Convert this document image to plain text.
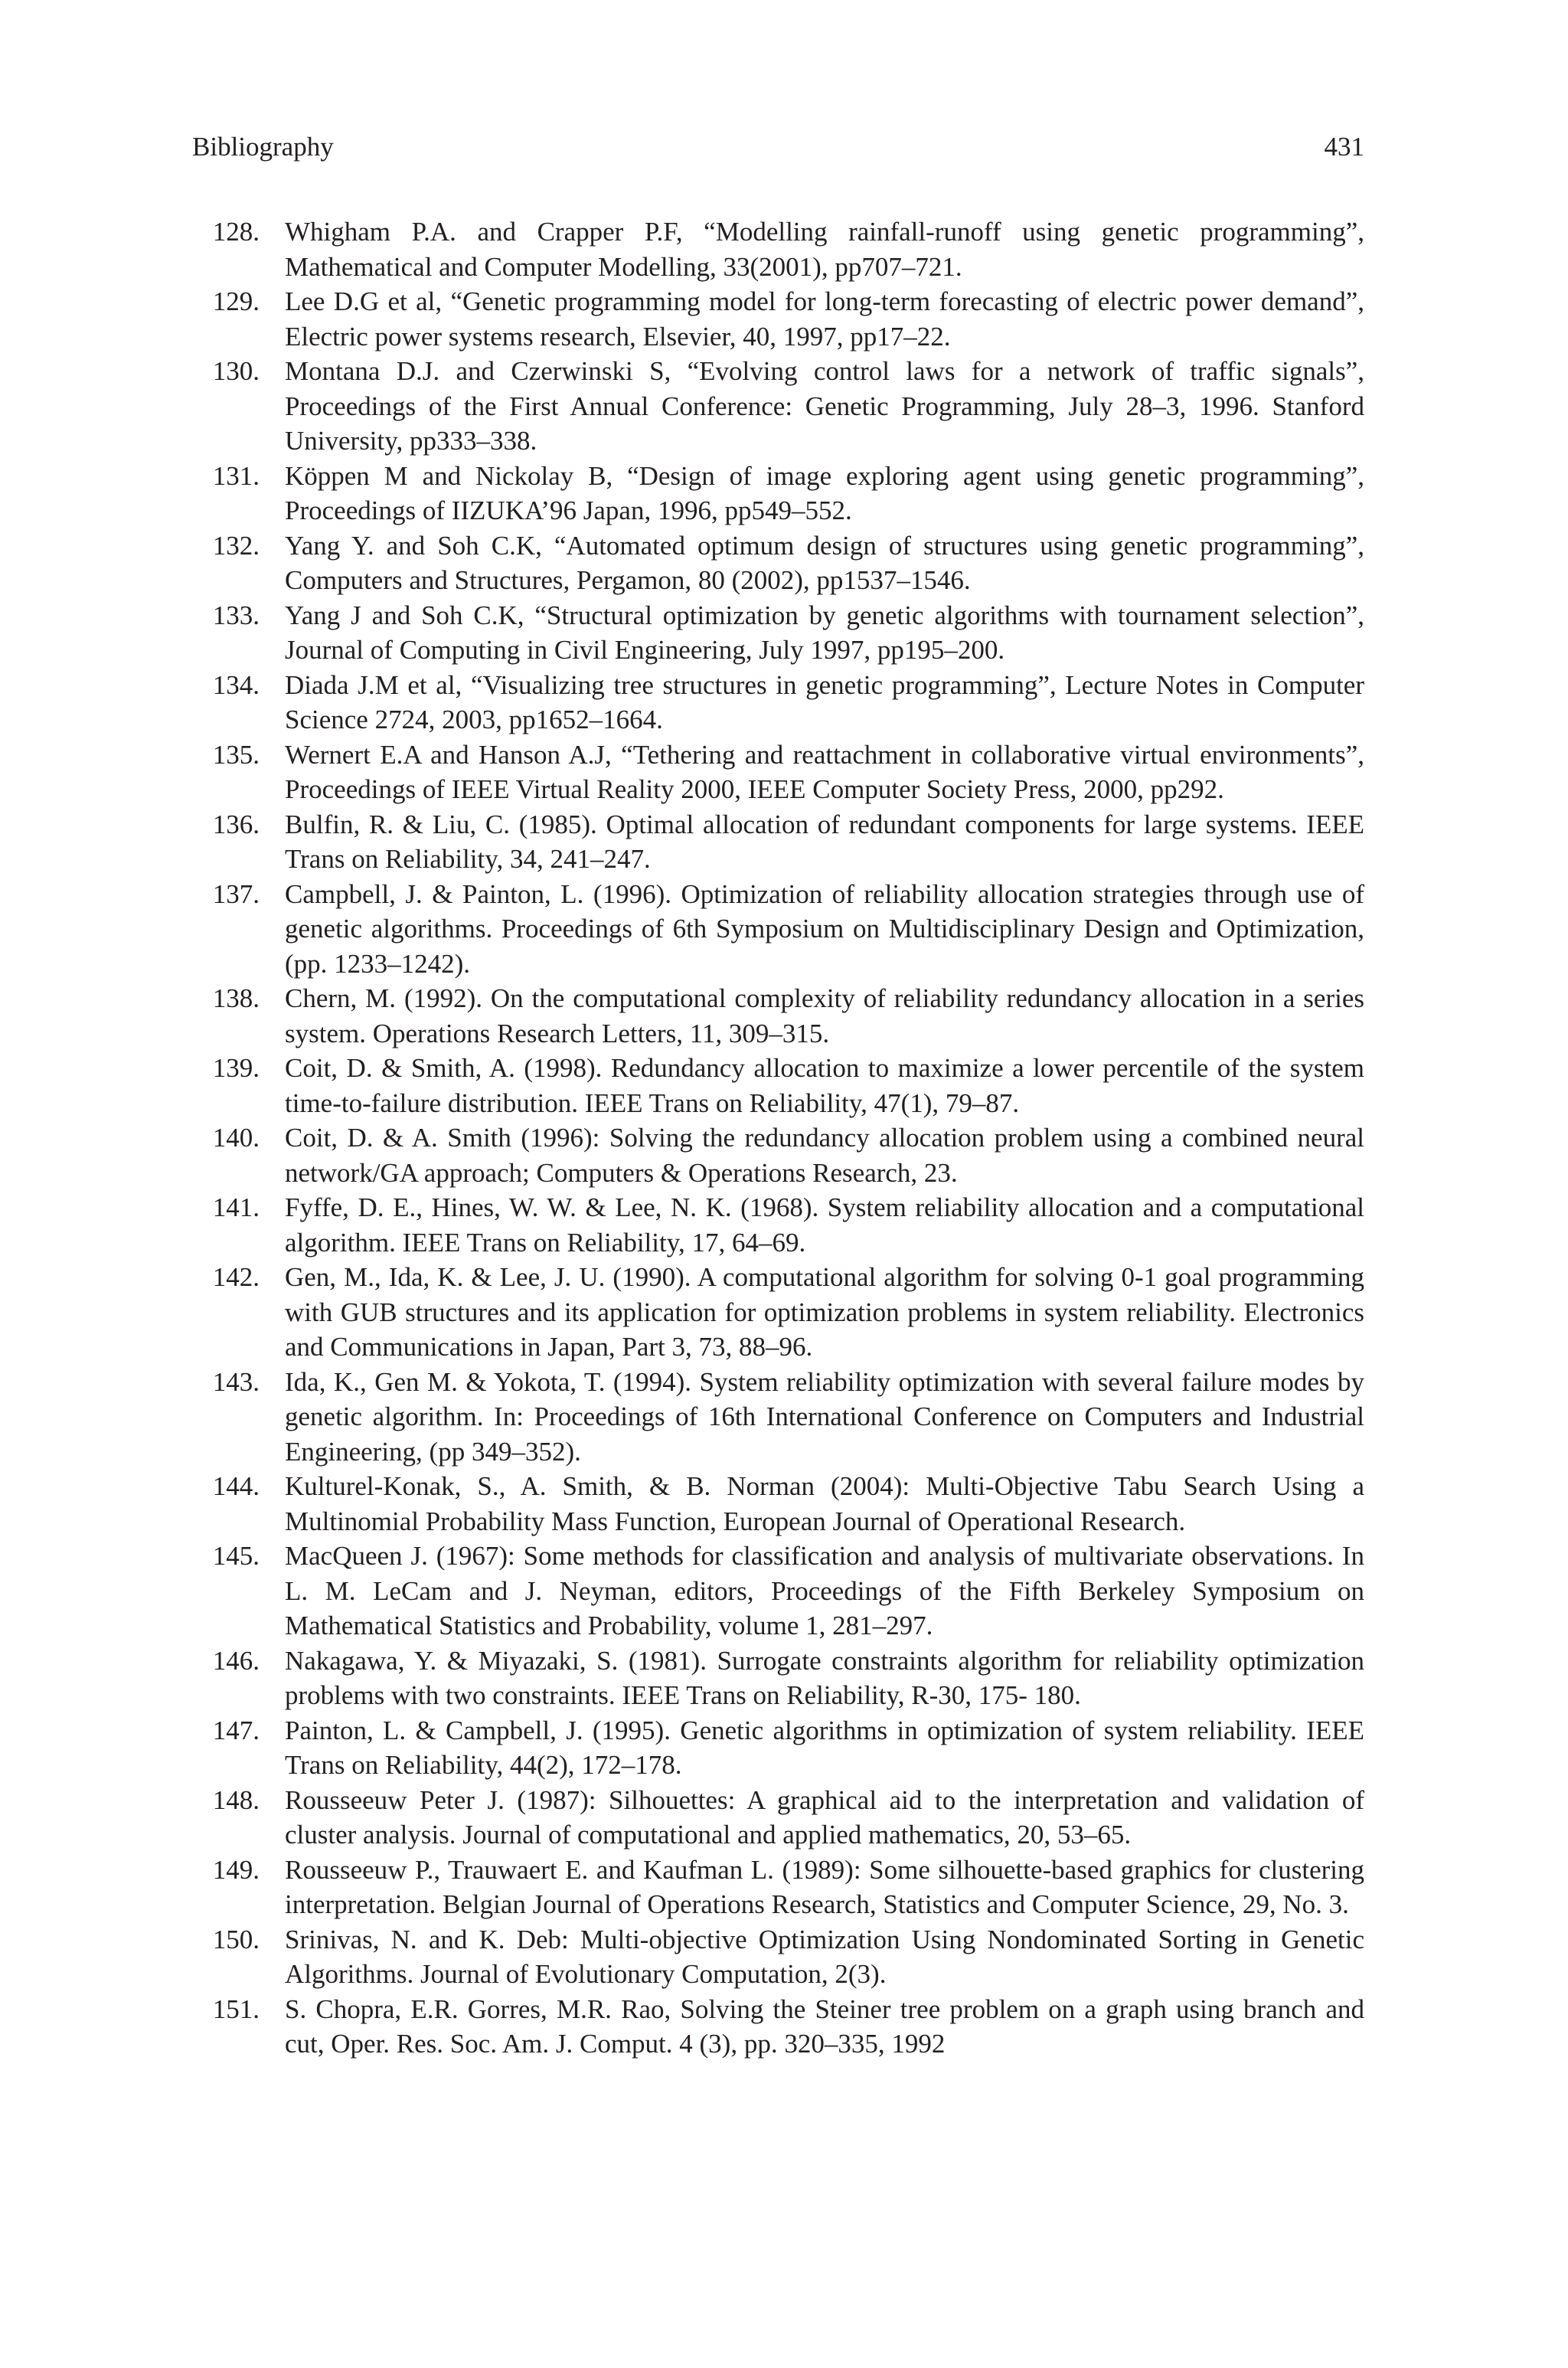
Bibliography	431
128. Whigham P.A. and Crapper P.F, “Modelling rainfall-runoff using genetic programming”, Mathematical and Computer Modelling, 33(2001), pp707–721.
129. Lee D.G et al, “Genetic programming model for long-term forecasting of electric power demand”, Electric power systems research, Elsevier, 40, 1997, pp17–22.
130. Montana D.J. and Czerwinski S, “Evolving control laws for a network of traffic signals”, Proceedings of the First Annual Conference: Genetic Programming, July 28–3, 1996. Stanford University, pp333–338.
131. Köppen M and Nickolay B, “Design of image exploring agent using genetic programming”, Proceedings of IIZUKA’96 Japan, 1996, pp549–552.
132. Yang Y. and Soh C.K, “Automated optimum design of structures using genetic programming”, Computers and Structures, Pergamon, 80 (2002), pp1537–1546.
133. Yang J and Soh C.K, “Structural optimization by genetic algorithms with tournament selection”, Journal of Computing in Civil Engineering, July 1997, pp195–200.
134. Diada J.M et al, “Visualizing tree structures in genetic programming”, Lecture Notes in Computer Science 2724, 2003, pp1652–1664.
135. Wernert E.A and Hanson A.J, “Tethering and reattachment in collaborative virtual environments”, Proceedings of IEEE Virtual Reality 2000, IEEE Computer Society Press, 2000, pp292.
136. Bulfin, R. & Liu, C. (1985). Optimal allocation of redundant components for large systems. IEEE Trans on Reliability, 34, 241–247.
137. Campbell, J. & Painton, L. (1996). Optimization of reliability allocation strategies through use of genetic algorithms. Proceedings of 6th Symposium on Multidisciplinary Design and Optimization, (pp. 1233–1242).
138. Chern, M. (1992). On the computational complexity of reliability redundancy allocation in a series system. Operations Research Letters, 11, 309–315.
139. Coit, D. & Smith, A. (1998). Redundancy allocation to maximize a lower percentile of the system time-to-failure distribution. IEEE Trans on Reliability, 47(1), 79–87.
140. Coit, D. & A. Smith (1996): Solving the redundancy allocation problem using a combined neural network/GA approach; Computers & Operations Research, 23.
141. Fyffe, D. E., Hines, W. W. & Lee, N. K. (1968). System reliability allocation and a computational algorithm. IEEE Trans on Reliability, 17, 64–69.
142. Gen, M., Ida, K. & Lee, J. U. (1990). A computational algorithm for solving 0-1 goal programming with GUB structures and its application for optimization problems in system reliability. Electronics and Communications in Japan, Part 3, 73, 88–96.
143. Ida, K., Gen M. & Yokota, T. (1994). System reliability optimization with several failure modes by genetic algorithm. In: Proceedings of 16th International Conference on Computers and Industrial Engineering, (pp 349–352).
144. Kulturel-Konak, S., A. Smith, & B. Norman (2004): Multi-Objective Tabu Search Using a Multinomial Probability Mass Function, European Journal of Operational Research.
145. MacQueen J. (1967): Some methods for classification and analysis of multivariate observations. In L. M. LeCam and J. Neyman, editors, Proceedings of the Fifth Berkeley Symposium on Mathematical Statistics and Probability, volume 1, 281–297.
146. Nakagawa, Y. & Miyazaki, S. (1981). Surrogate constraints algorithm for reliability optimization problems with two constraints. IEEE Trans on Reliability, R-30, 175- 180.
147. Painton, L. & Campbell, J. (1995). Genetic algorithms in optimization of system reliability. IEEE Trans on Reliability, 44(2), 172–178.
148. Rousseeuw Peter J. (1987): Silhouettes: A graphical aid to the interpretation and validation of cluster analysis. Journal of computational and applied mathematics, 20, 53–65.
149. Rousseeuw P., Trauwaert E. and Kaufman L. (1989): Some silhouette-based graphics for clustering interpretation. Belgian Journal of Operations Research, Statistics and Computer Science, 29, No. 3.
150. Srinivas, N. and K. Deb: Multi-objective Optimization Using Nondominated Sorting in Genetic Algorithms. Journal of Evolutionary Computation, 2(3).
151. S. Chopra, E.R. Gorres, M.R. Rao, Solving the Steiner tree problem on a graph using branch and cut, Oper. Res. Soc. Am. J. Comput. 4 (3), pp. 320–335, 1992
